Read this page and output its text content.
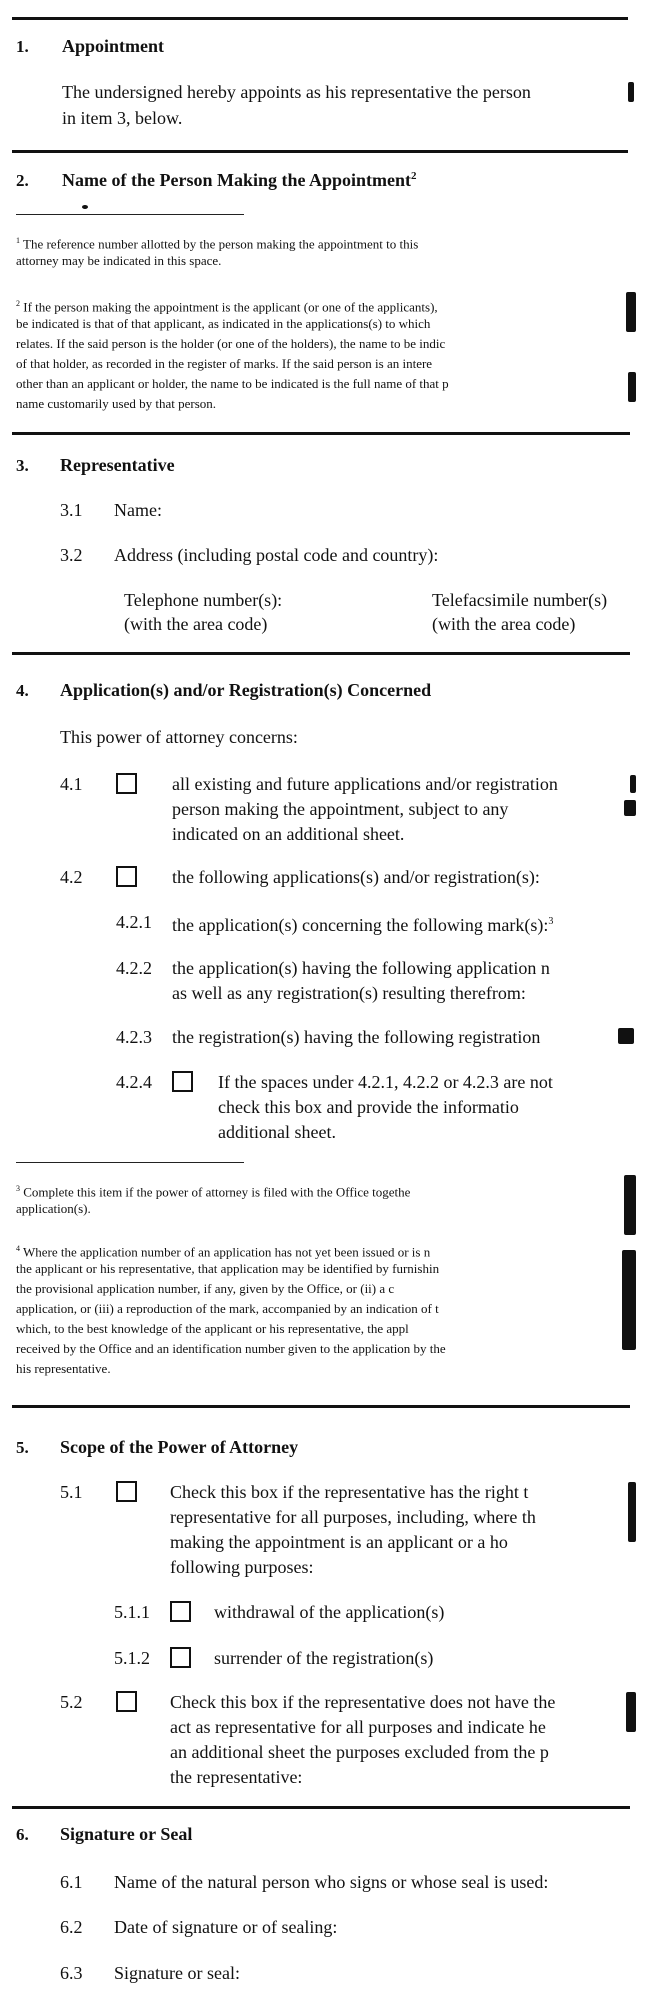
1. Appointment
The undersigned hereby appoints as his representative the person
in item 3, below.
2. Name of the Person Making the Appointment$^2$
$^1$ The reference number allotted by the person making the appointment to this
attorney may be indicated in this space.
$^2$ If the person making the appointment is the applicant (or one of the applicants),
be indicated is that of that applicant, as indicated in the applications(s) to which
relates. If the said person is the holder (or one of the holders), the name to be indic
of that holder, as recorded in the register of marks. If the said person is an intere
other than an applicant or holder, the name to be indicated is the full name of that p
name customarily used by that person.
3. Representative
3.1 Name:
3.2 Address (including postal code and country):
Telephone number(s):
(with the area code)
Telefacsimile number(s)
(with the area code)
4. Application(s) and/or Registration(s) Concerned
This power of attorney concerns:
4.1	all existing and future applications and/or registration
person making the appointment, subject to any
indicated on an additional sheet.
4.2	the following applications(s) and/or registration(s):
4.2.1 the application(s) concerning the following mark(s):$^3$
4.2.2 the application(s) having the following application n
as well as any registration(s) resulting therefrom:
4.2.3 the registration(s) having the following registration
4.2.4	If the spaces under 4.2.1, 4.2.2 or 4.2.3 are not
check this box and provide the informatio
additional sheet.
$^3$ Complete this item if the power of attorney is filed with the Office togethe
application(s).
$^4$ Where the application number of an application has not yet been issued or is n
the applicant or his representative, that application may be identified by furnishin
the provisional application number, if any, given by the Office, or (ii) a c
application, or (iii) a reproduction of the mark, accompanied by an indication of t
which, to the best knowledge of the applicant or his representative, the appl
received by the Office and an identification number given to the application by the
his representative.
5. Scope of the Power of Attorney
5.1	Check this box if the representative has the right t
representative for all purposes, including, where th
making the appointment is an applicant or a ho
following purposes:
5.1.1	withdrawal of the application(s)
5.1.2	surrender of the registration(s)
5.2	Check this box if the representative does not have the
act as representative for all purposes and indicate he
an additional sheet the purposes excluded from the p
the representative:
6. Signature or Seal
6.1 Name of the natural person who signs or whose seal is used:
6.2 Date of signature or of sealing:
6.3 Signature or seal:
